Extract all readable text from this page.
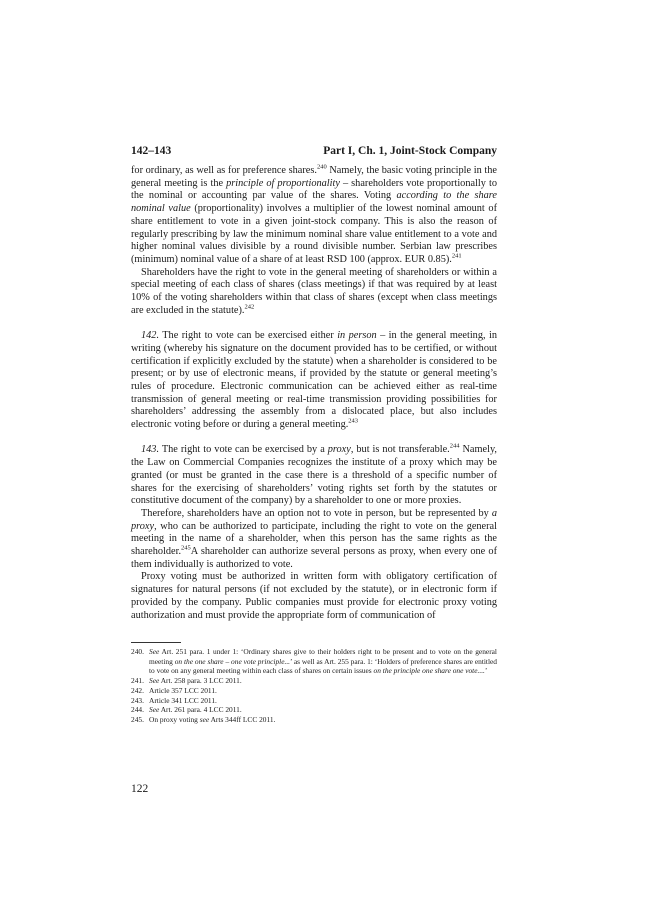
142–143	Part I, Ch. 1, Joint-Stock Company

for ordinary, as well as for preference shares.$^{240}$ Namely, the basic voting principle in the general meeting is the principle of proportionality – shareholders vote proportionally to the nominal or accounting par value of the shares. Voting according to the share nominal value (proportionality) involves a multiplier of the lowest nominal amount of share entitlement to vote in a given joint-stock company. This is also the reason of regularly prescribing by law the minimum nominal share value entitlement to a vote and higher nominal values divisible by a round divisible number. Serbian law prescribes (minimum) nominal value of a share of at least RSD 100 (approx. EUR 0.85).$^{241}$

Shareholders have the right to vote in the general meeting of shareholders or within a special meeting of each class of shares (class meetings) if that was required by at least 10% of the voting shareholders within that class of shares (except when class meetings are excluded in the statute).$^{242}$

142. The right to vote can be exercised either in person – in the general meeting, in writing (whereby his signature on the document provided has to be certified, or without certification if explicitly excluded by the statute) when a shareholder is considered to be present; or by use of electronic means, if provided by the statute or general meeting’s rules of procedure. Electronic communication can be achieved either as real-time transmission of general meeting or real-time transmission providing possibilities for shareholders’ addressing the assembly from a dislocated place, but also includes electronic voting before or during a general meeting.$^{243}$

143. The right to vote can be exercised by a proxy, but is not transferable.$^{244}$ Namely, the Law on Commercial Companies recognizes the institute of a proxy which may be granted (or must be granted in the case there is a threshold of a specific number of shares for the exercising of shareholders’ voting rights set forth by the statutes or constitutive document of the company) by a shareholder to one or more proxies.

Therefore, shareholders have an option not to vote in person, but be represented by a proxy, who can be authorized to participate, including the right to vote on the general meeting in the name of a shareholder, when this person has the same rights as the shareholder.$^{245}$A shareholder can authorize several persons as proxy, when every one of them individually is authorized to vote.

Proxy voting must be authorized in written form with obligatory certification of signatures for natural persons (if not excluded by the statute), or in electronic form if provided by the company. Public companies must provide for electronic proxy voting authorization and must provide the appropriate form of communication of

240. See Art. 251 para. 1 under 1: ‘Ordinary shares give to their holders right to be present and to vote on the general meeting on the one share – one vote principle...’ as well as Art. 255 para. 1: ‘Holders of preference shares are entitled to vote on any general meeting within each class of shares on certain issues on the principle one share one vote....’
241. See Art. 258 para. 3 LCC 2011.
242. Article 357 LCC 2011.
243. Article 341 LCC 2011.
244. See Art. 261 para. 4 LCC 2011.
245. On proxy voting see Arts 344ff LCC 2011.
122
